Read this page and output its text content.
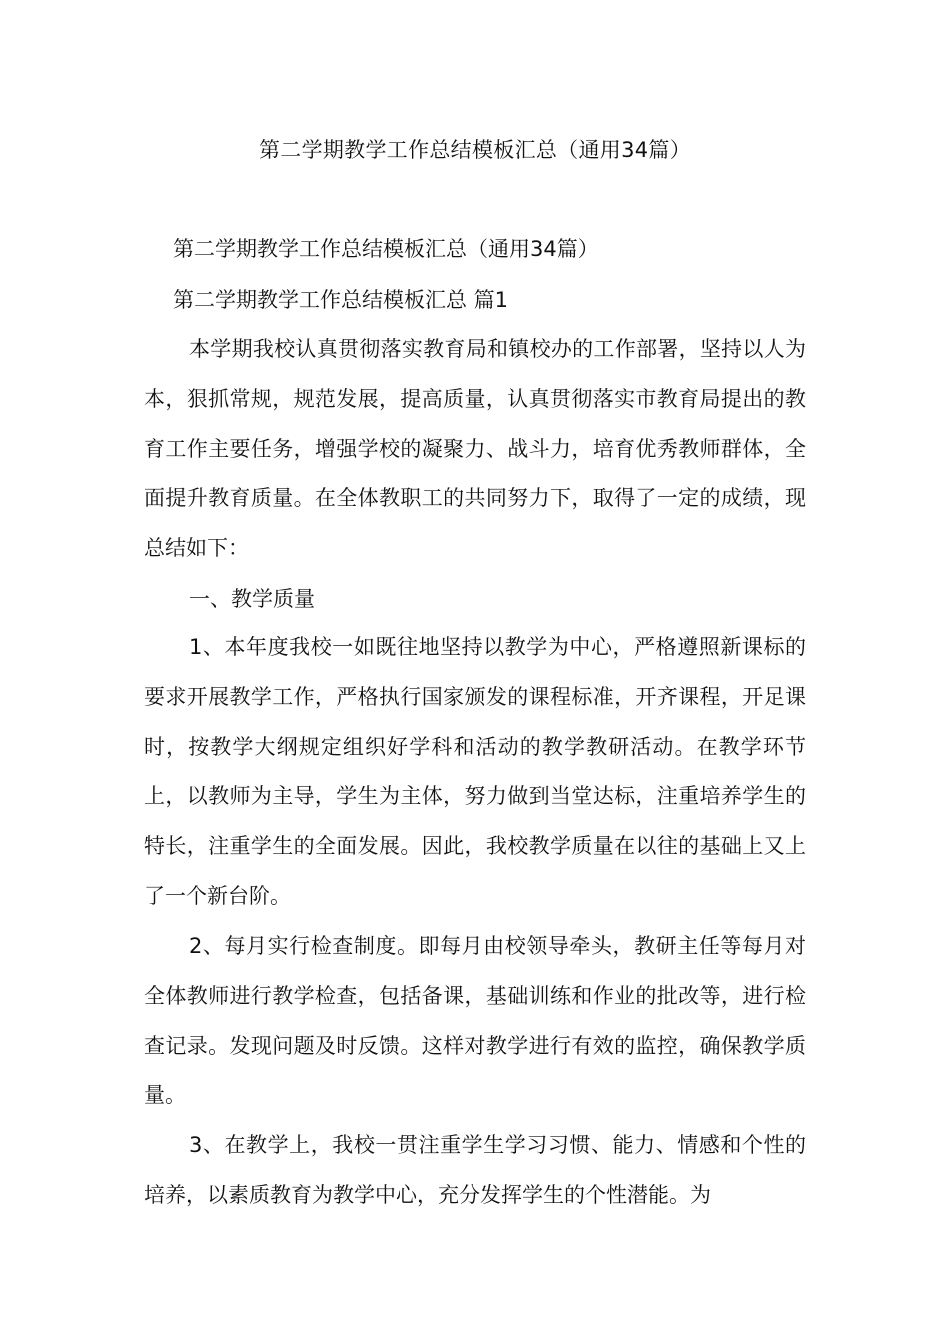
第二学期教学工作总结模板汇总（通用34篇）
第二学期教学工作总结模板汇总（通用34篇）
第二学期教学工作总结模板汇总 篇1

本学期我校认真贯彻落实教育局和镇校办的工作部署，坚持以人为本，狠抓常规，规范发展，提高质量，认真贯彻落实市教育局提出的教育工作主要任务，增强学校的凝聚力、战斗力，培育优秀教师群体，全面提升教育质量。在全体教职工的共同努力下，取得了一定的成绩，现总结如下：

一、教学质量

1、本年度我校一如既往地坚持以教学为中心，严格遵照新课标的要求开展教学工作，严格执行国家颁发的课程标准，开齐课程，开足课时，按教学大纲规定组织好学科和活动的教学教研活动。在教学环节上，以教师为主导，学生为主体，努力做到当堂达标，注重培养学生的特长，注重学生的全面发展。因此，我校教学质量在以往的基础上又上了一个新台阶。

2、每月实行检查制度。即每月由校领导牵头，教研主任等每月对全体教师进行教学检查，包括备课，基础训练和作业的批改等，进行检查记录。发现问题及时反馈。这样对教学进行有效的监控，确保教学质量。

3、在教学上，我校一贯注重学生学习习惯、能力、情感和个性的培养，以素质教育为教学中心，充分发挥学生的个性潜能。为
